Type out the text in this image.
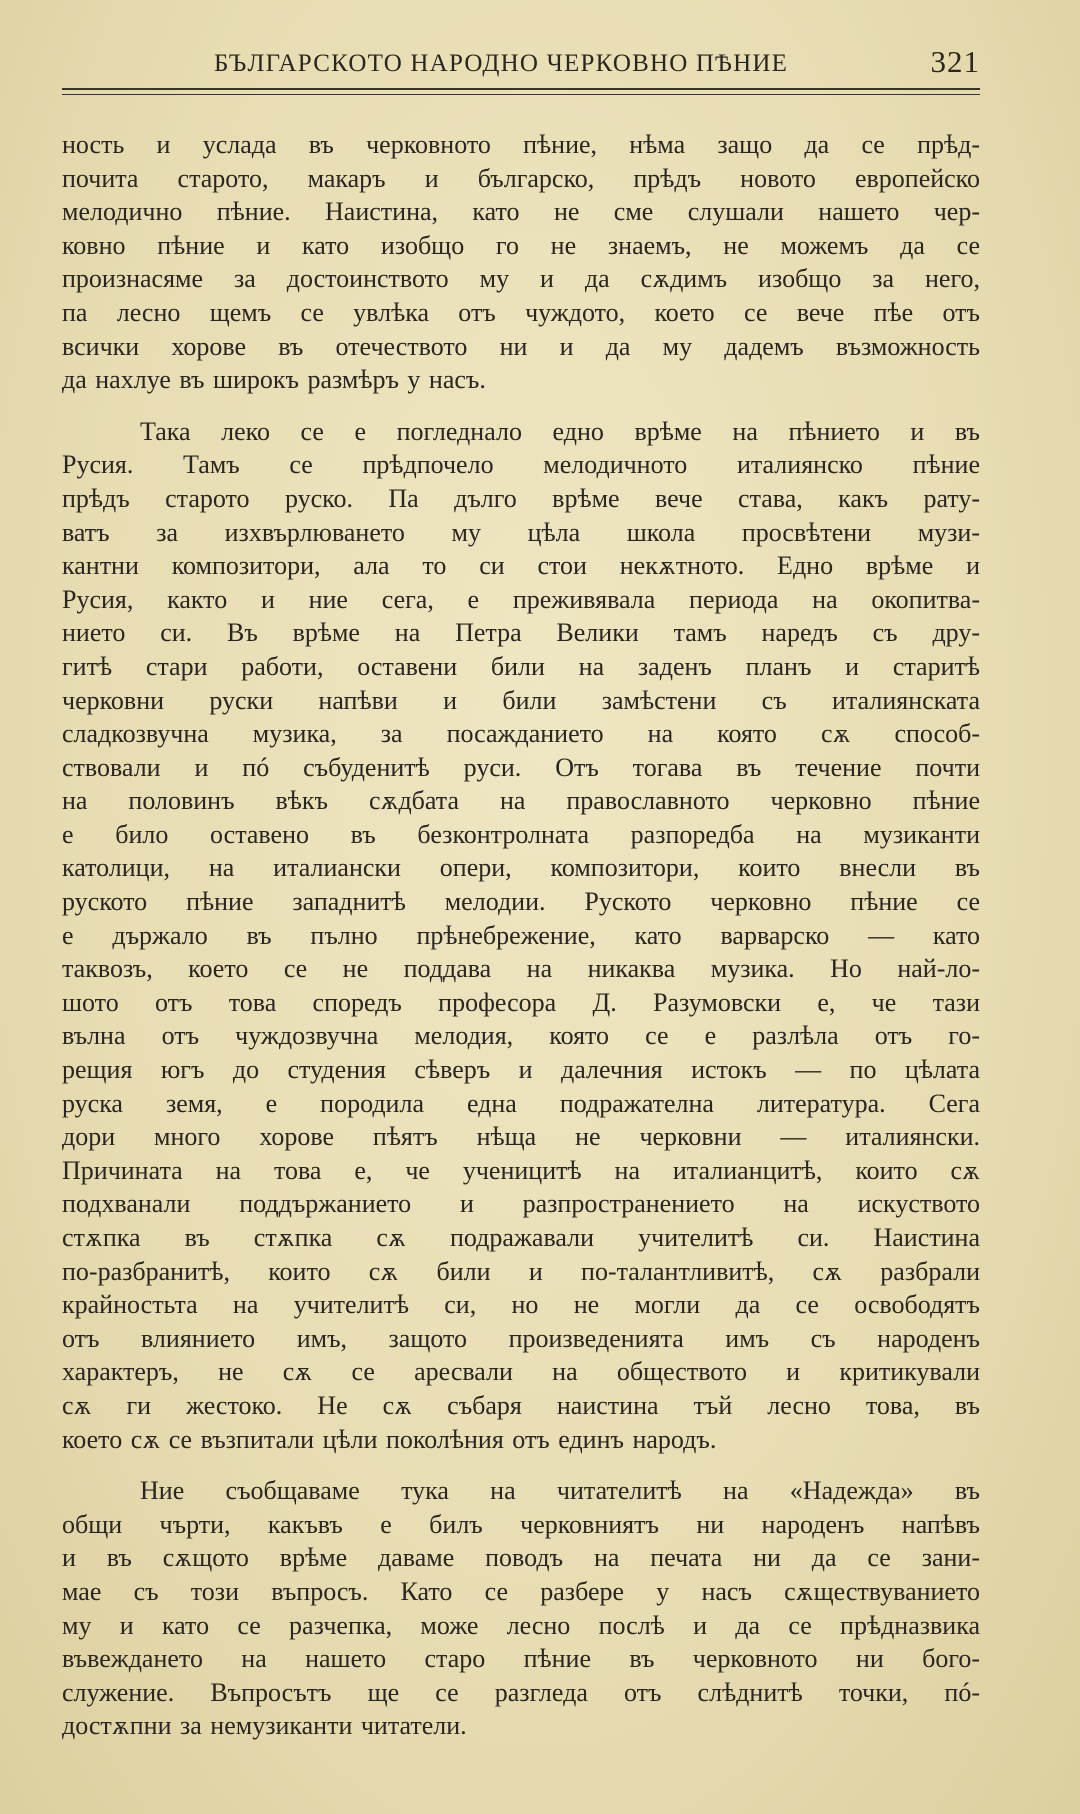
БЪЛГАРСКОТО НАРОДНО ЧЕРКОВНО ПѢНИЕ	321

ность и услада въ черковното пѣние, нѣма защо да се прѣд-
почита старото, макаръ и българско, прѣдъ новото европейско
мелодично пѣние. Наистина, като не сме слушали нашето чер-
ковно пѣние и като изобщо го не знаемъ, не можемъ да се
произнасяме за достоинството му и да сѫдимъ изобщо за него,
па лесно щемъ се увлѣка отъ чуждото, което се вече пѣе отъ
всички хорове въ отечеството ни и да му дадемъ възможность
да нахлуе въ широкъ размѣръ у насъ.

Така леко се е погледнало едно врѣме на пѣнието и въ
Русия. Тамъ се прѣдпочело мелодичното италиянско пѣние
прѣдъ старото руско. Па дълго врѣме вече става, какъ рату-
ватъ за изхвърлюването му цѣла школа просвѣтени музи-
кантни композитори, ала то си стои некѫтното. Едно врѣме и
Русия, както и ние сега, е преживявала периода на окопитва-
нието си. Въ врѣме на Петра Велики тамъ наредъ съ дру-
гитѣ стари работи, оставени били на заденъ планъ и старитѣ
черковни руски напѣви и били замѣстени съ италиянската
сладкозвучна музика, за посажданието на която сѫ способ-
ствовали и пó събуденитѣ руси. Отъ тогава въ течение почти
на половинъ вѣкъ сѫдбата на православното черковно пѣние
е било оставено въ безконтролната разпоредба на музиканти
католици, на италиански опери, композитори, които внесли въ
руското пѣние западнитѣ мелодии. Руското черковно пѣние се
е държало въ пълно прѣнебрежение, като варварско — като
таквозъ, което се не поддава на никаква музика. Но най-ло-
шото отъ това споредъ професора Д. Разумовски е, че тази
вълна отъ чуждозвучна мелодия, която се е разлѣла отъ го-
рещия югъ до студения сѣверъ и далечния истокъ — по цѣлата
руска земя, е породила една подражателна литература. Сега
дори много хорове пѣятъ нѣща не черковни — италиянски.
Причината на това е, че ученицитѣ на италианцитѣ, които сѫ
подхванали поддържанието и разпространението на искуството
стѫпка въ стѫпка сѫ подражавали учителитѣ си. Наистина
по-разбранитѣ, които сѫ били и по-талантливитѣ, сѫ разбрали
крайностьта на учителитѣ си, но не могли да се освободятъ
отъ влиянието имъ, защото произведенията имъ съ народенъ
характеръ, не сѫ се аресвали на обществото и критикували
сѫ ги жестоко. Не сѫ събаря наистина тъй лесно това, въ
което сѫ се възпитали цѣли поколѣния отъ единъ народъ.

Ние съобщаваме тука на читателитѣ на «Надежда» въ
общи чърти, какъвъ е билъ черковниятъ ни народенъ напѣвъ
и въ сѫщото врѣме даваме поводъ на печата ни да се зани-
мае съ този въпросъ. Като се разбере у насъ сѫществуванието
му и като се разчепка, може лесно послѣ и да се прѣдназвика
въвеждането на нашето старо пѣние въ черковното ни бого-
служение. Въпросътъ ще се разгледа отъ слѣднитѣ точки, пó-
достѫпни за немузиканти читатели.
